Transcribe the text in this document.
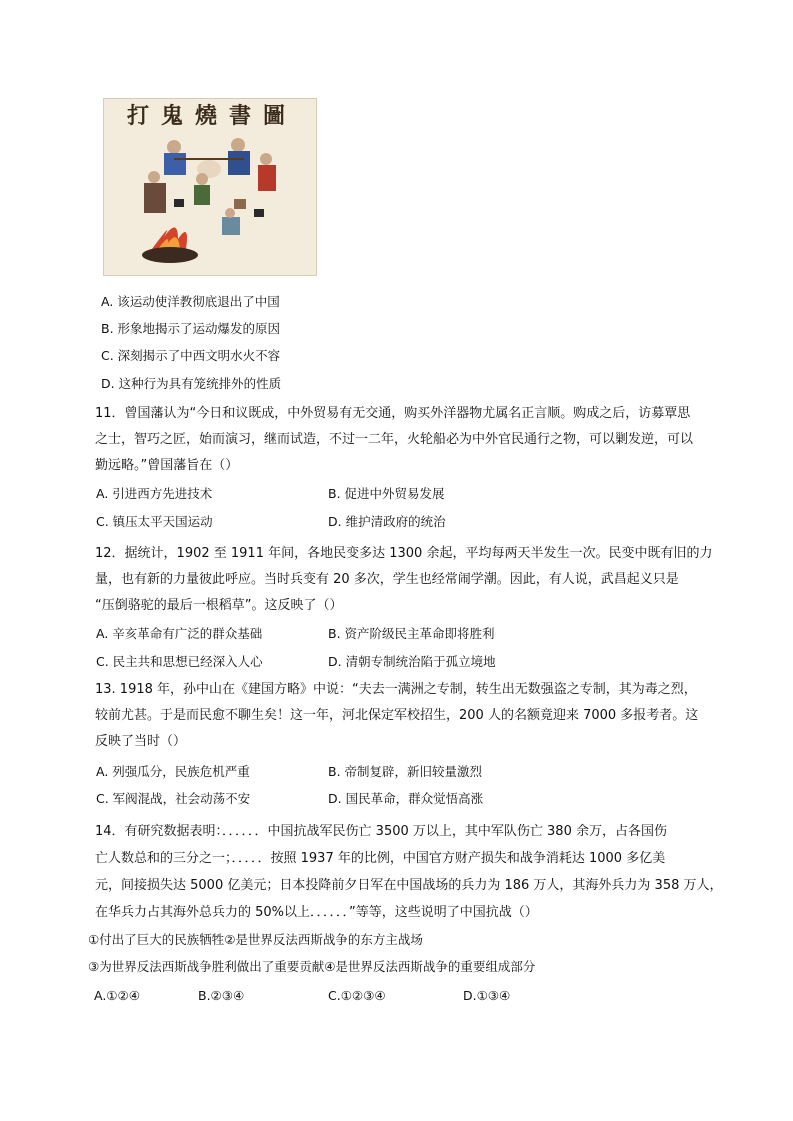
打鬼燒書圖
A. 该运动使洋教彻底退出了中国
B. 形象地揭示了运动爆发的原因
C. 深刻揭示了中西文明水火不容
D. 这种行为具有笼统排外的性质
11．曾国藩认为“今日和议既成，中外贸易有无交通，购买外洋器物尤属名正言顺。购成之后，访募覃思
之士，智巧之匠，始而演习，继而试造，不过一二年，火轮船必为中外官民通行之物，可以剿发逆，可以
勤远略。”曾国藩旨在（）
A. 引进西方先进技术	B. 促进中外贸易发展
C. 镇压太平天国运动	D. 维护清政府的统治
12．据统计，1902 至 1911 年间，各地民变多达 1300 余起，平均每两天半发生一次。民变中既有旧的力
量，也有新的力量彼此呼应。当时兵变有 20 多次，学生也经常闹学潮。因此，有人说，武昌起义只是
“压倒骆驼的最后一根稻草”。这反映了（）
A. 辛亥革命有广泛的群众基础	B. 资产阶级民主革命即将胜利
C. 民主共和思想已经深入人心	D. 清朝专制统治陷于孤立境地
13. 1918 年，孙中山在《建国方略》中说：“夫去一满洲之专制，转生出无数强盗之专制，其为毒之烈，
较前尤甚。于是而民愈不聊生矣！这一年，河北保定军校招生，200 人的名额竟迎来 7000 多报考者。这
反映了当时（）
A. 列强瓜分，民族危机严重	B. 帝制复辟，新旧较量激烈
C. 军阀混战，社会动荡不安	D. 国民革命，群众觉悟高涨
14．有研究数据表明：．．．．．．中国抗战军民伤亡 3500 万以上，其中军队伤亡 380 余万，占各国伤
亡人数总和的三分之一；．．．．．按照 1937 年的比例，中国官方财产损失和战争消耗达 1000 多亿美
元，间接损失达 5000 亿美元；日本投降前夕日军在中国战场的兵力为 186 万人，其海外兵力为 358 万人，
在华兵力占其海外总兵力的 50%以上．．．．．．”等等，这些说明了中国抗战（）
①付出了巨大的民族牺牲②是世界反法西斯战争的东方主战场
③为世界反法西斯战争胜利做出了重要贡献④是世界反法西斯战争的重要组成部分
A.①②④	B.②③④	C.①②③④	D.①③④
